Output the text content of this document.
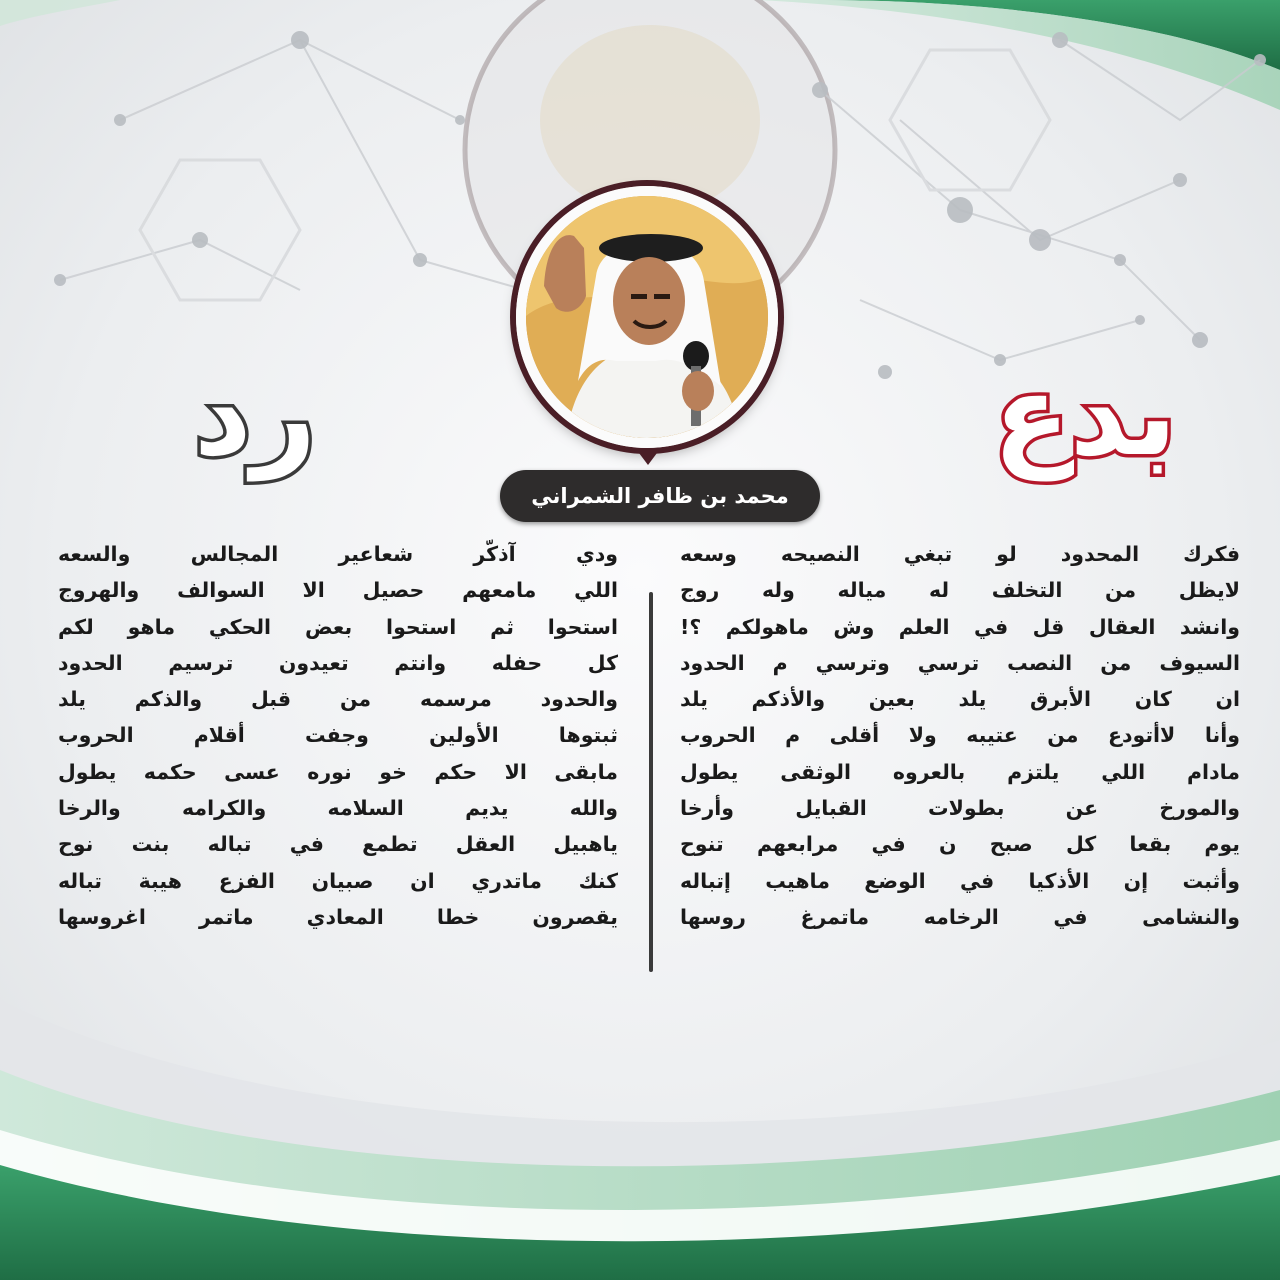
محمد بن ظافر الشمراني
بدع
رد
فكرك المحدود لو تبغي النصيحه وسعه
لايظل من التخلف له مياله وله روج
وانشد العقال قل في العلم وش ماهولكم ؟!
السيوف من النصب ترسي وترسي م الحدود
ان كان الأبرق يلد بعين والأذكم يلد
وأنا لاأتودع من عتيبه ولا أقلى م الحروب
مادام اللي يلتزم بالعروه الوثقى يطول
والمورخ عن بطولات القبايل وأرخا
يوم بقعا كل صبح ن في مرابعهم تنوح
وأثبت إن الأذكيا في الوضع ماهيب إتباله
والنشامى في الرخامه ماتمرغ روسها
ودي آذكّر شعاعير المجالس والسعه
اللي مامعهم حصيل الا السوالف والهروج
استحوا ثم استحوا بعض الحكي ماهو لكم
كل حفله وانتم تعيدون ترسيم الحدود
والحدود مرسمه من قبل والذكم يلد
ثبتوها الأولين وجفت أقلام الحروب
مابقى الا حكم خو نوره عسى حكمه يطول
والله يديم السلامه والكرامه والرخا
ياهبيل العقل تطمع في تباله بنت نوح
كنك ماتدري ان صبيان الفزع هيبة تباله
يقصرون خطا المعادي ماتمر اغروسها
